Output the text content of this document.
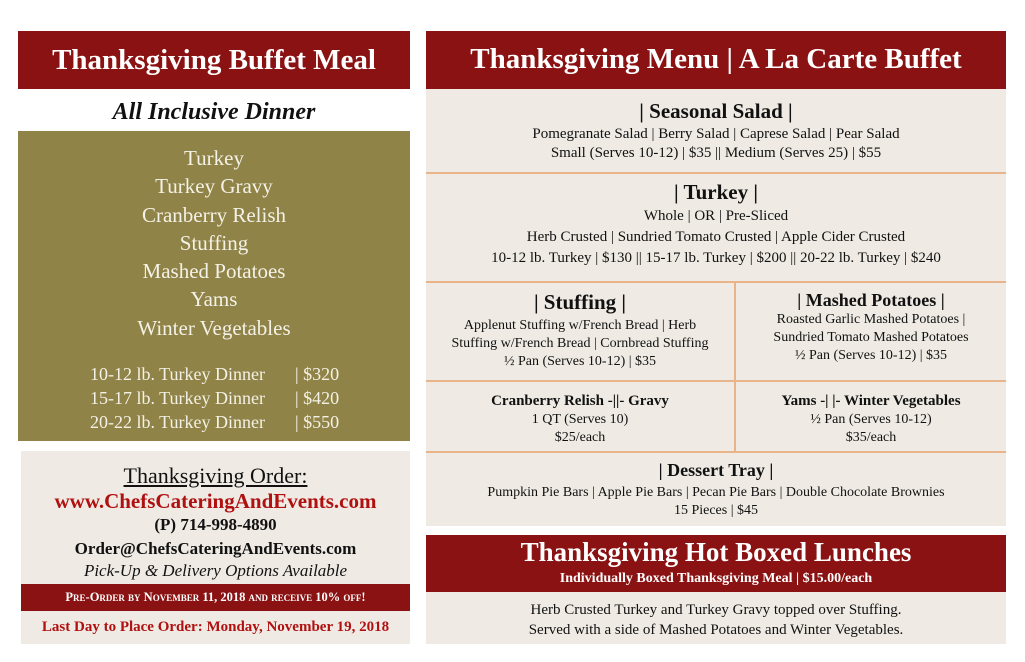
Thanksgiving Buffet Meal
All Inclusive Dinner
Turkey
Turkey Gravy
Cranberry Relish
Stuffing
Mashed Potatoes
Yams
Winter Vegetables
10-12 lb. Turkey Dinner | $320
15-17 lb. Turkey Dinner | $420
20-22 lb. Turkey Dinner | $550
Thanksgiving Order:
www.ChefsCateringAndEvents.com
(P) 714-998-4890
Order@ChefsCateringAndEvents.com
Pick-Up & Delivery Options Available
Pre-Order by November 11, 2018 and receive 10% off!
Last Day to Place Order: Monday, November 19, 2018
Thanksgiving Menu | A La Carte Buffet
| Seasonal Salad |
Pomegranate Salad | Berry Salad | Caprese Salad | Pear Salad
Small (Serves 10-12) | $35 || Medium (Serves 25) | $55
| Turkey |
Whole | OR | Pre-Sliced
Herb Crusted | Sundried Tomato Crusted | Apple Cider Crusted
10-12 lb. Turkey | $130 || 15-17 lb. Turkey | $200 || 20-22 lb. Turkey | $240
| Stuffing |
Applenut Stuffing w/French Bread | Herb
Stuffing w/French Bread | Cornbread Stuffing
½ Pan (Serves 10-12) | $35
| Mashed Potatoes |
Roasted Garlic Mashed Potatoes |
Sundried Tomato Mashed Potatoes
½ Pan (Serves 10-12) | $35
Cranberry Relish -||- Gravy
1 QT (Serves 10)
$25/each
Yams -| |- Winter Vegetables
½ Pan (Serves 10-12)
$35/each
| Dessert Tray |
Pumpkin Pie Bars | Apple Pie Bars | Pecan Pie Bars | Double Chocolate Brownies
15 Pieces | $45
Thanksgiving Hot Boxed Lunches
Individually Boxed Thanksgiving Meal | $15.00/each
Herb Crusted Turkey and Turkey Gravy topped over Stuffing.
Served with a side of Mashed Potatoes and Winter Vegetables.
